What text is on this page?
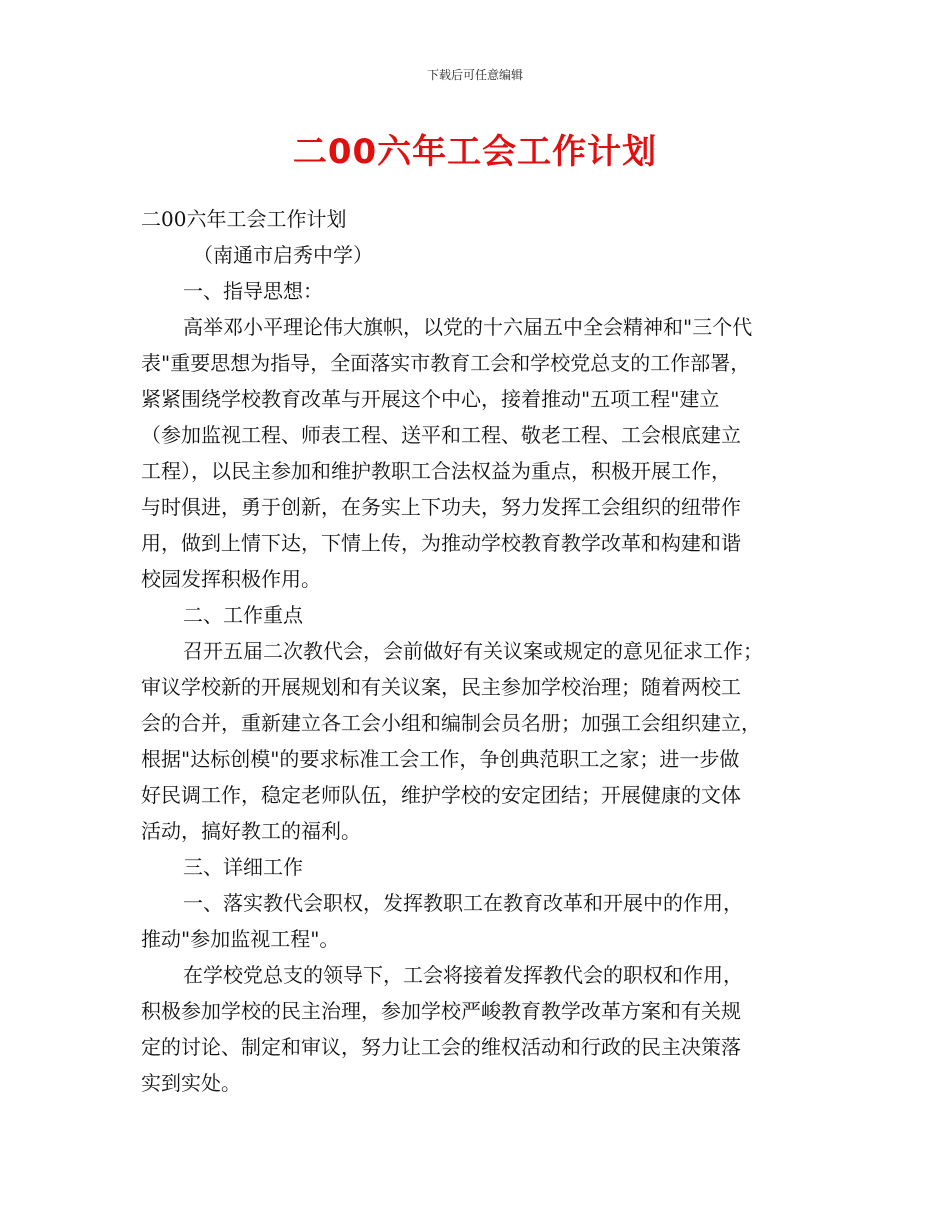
下载后可任意编辑
二00六年工会工作计划
二00六年工会工作计划
（南通市启秀中学）
一、指导思想：
高举邓小平理论伟大旗帜，以党的十六届五中全会精神和"三个代
表"重要思想为指导，全面落实市教育工会和学校党总支的工作部署，
紧紧围绕学校教育改革与开展这个中心，接着推动"五项工程"建立
（参加监视工程、师表工程、送平和工程、敬老工程、工会根底建立
工程），以民主参加和维护教职工合法权益为重点，积极开展工作，
与时俱进，勇于创新，在务实上下功夫，努力发挥工会组织的纽带作
用，做到上情下达，下情上传，为推动学校教育教学改革和构建和谐
校园发挥积极作用。
二、工作重点
召开五届二次教代会，会前做好有关议案或规定的意见征求工作；
审议学校新的开展规划和有关议案，民主参加学校治理；随着两校工
会的合并，重新建立各工会小组和编制会员名册；加强工会组织建立，
根据"达标创模"的要求标准工会工作，争创典范职工之家；进一步做
好民调工作，稳定老师队伍，维护学校的安定团结；开展健康的文体
活动，搞好教工的福利。
三、详细工作
一、落实教代会职权，发挥教职工在教育改革和开展中的作用，
推动"参加监视工程"。
在学校党总支的领导下，工会将接着发挥教代会的职权和作用，
积极参加学校的民主治理，参加学校严峻教育教学改革方案和有关规
定的讨论、制定和审议，努力让工会的维权活动和行政的民主决策落
实到实处。
